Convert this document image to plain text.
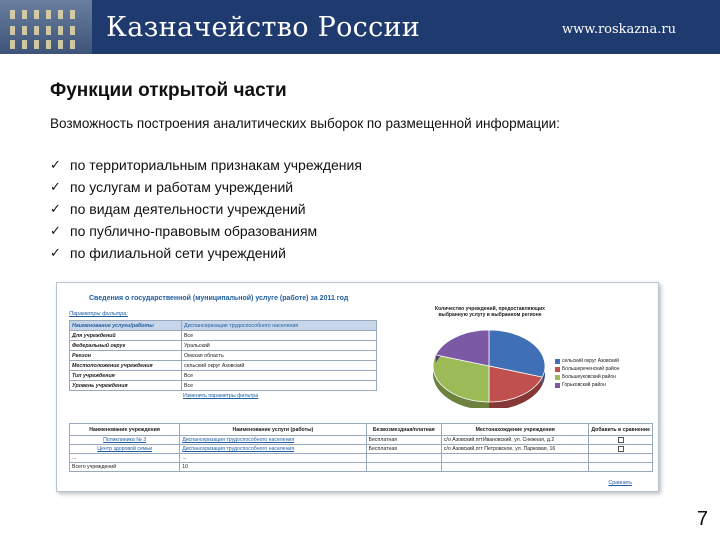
Казначейство России	www.roskazna.ru
Функции открытой части
Возможность построения аналитических выборок по размещенной информации:
✓ по территориальным признакам учреждения
✓ по услугам и работам учреждений
✓ по видам деятельности учреждений
✓ по публично-правовым образованиям
✓ по филиальной сети учреждений
Сведения о государственной (муниципальной) услуге (работе) за 2011 год
Параметры фильтра:
Наименование услуги/работы	Диспансеризация трудоспособного населения
Для учреждений	Все
Федеральный округ	Уральский
Регион	Омская область
Местоположение учреждения	сельский округ Азовский
Тип учреждения	Все
Уровень учреждения	Все
Изменить параметры фильтра
Количество учреждений, предоставляющих выбранную услугу в выбранном регионе
сельский округ Азовский
Большереченский район
Большеуковский район
Горьковский район
Наименование учреждения	Наименование услуги (работы)	Безвозмездная/платная	Местонахождение учреждения	Добавить в сравнение
Поликлиника № 3	Диспансеризация трудоспособного населения	Бесплатная	с/о Азовский,пгтИвановский, ул. Снежная, д.2	
Центр здоровой семьи	Диспансеризация трудоспособного населения	Бесплатная	с/о Азовский,пгт Петровское, ул. Парковая, 16	
...	...			
Всего учреждений	10			
Сравнить
7
